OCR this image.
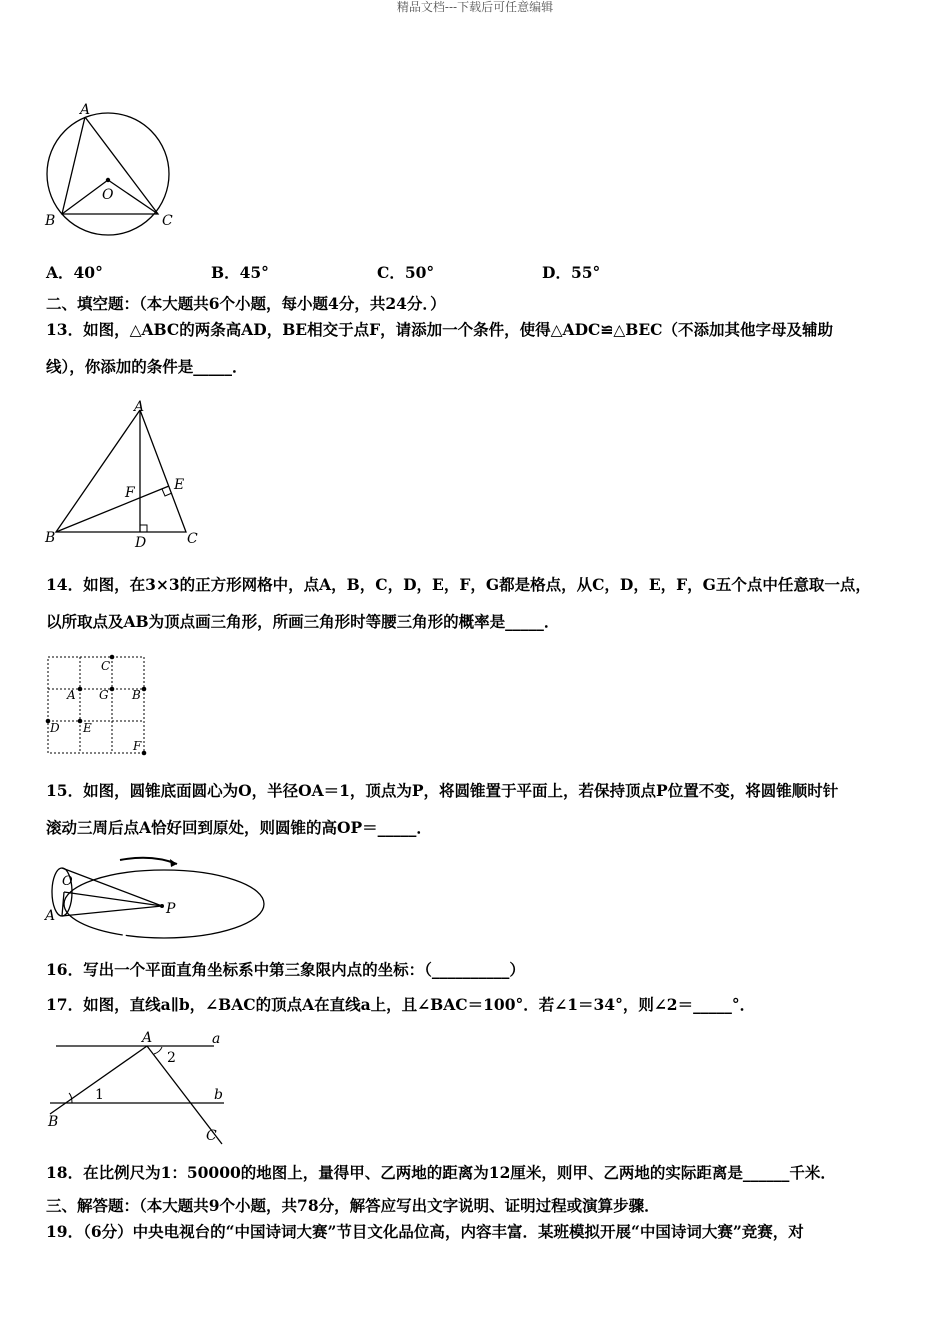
精品文档---下载后可任意编辑
A
O
B	C
A．40°	B．45°	C．50°	D．55°
二、填空题：（本大题共6个小题，每小题4分，共24分．）
13．如图，△ABC的两条高AD，BE相交于点F，请添加一个条件，使得△ADC≌△BEC（不添加其他字母及辅助
线），你添加的条件是_____．
A
E
F
B	D	C
14．如图，在3×3的正方形网格中，点A，B，C，D，E，F，G都是格点，从C，D，E，F，G五个点中任意取一点，
以所取点及AB为顶点画三角形，所画三角形时等腰三角形的概率是_____．
C
A G B
D E
F
15．如图，圆锥底面圆心为O，半径OA＝1，顶点为P，将圆锥置于平面上，若保持顶点P位置不变，将圆锥顺时针
滚动三周后点A恰好回到原处，则圆锥的高OP＝_____．
O
A	P
16．写出一个平面直角坐标系中第三象限内点的坐标：（__________）
17．如图，直线a∥b，∠BAC的顶点A在直线a上，且∠BAC＝100°．若∠1＝34°，则∠2＝_____°．
A	a
2
1	b
B
C
18．在比例尺为1：50000的地图上，量得甲、乙两地的距离为12厘米，则甲、乙两地的实际距离是______千米．
三、解答题：（本大题共9个小题，共78分，解答应写出文字说明、证明过程或演算步骤．
19．（6分）中央电视台的“中国诗词大赛”节目文化品位高，内容丰富．某班模拟开展“中国诗词大赛”竞赛，对
